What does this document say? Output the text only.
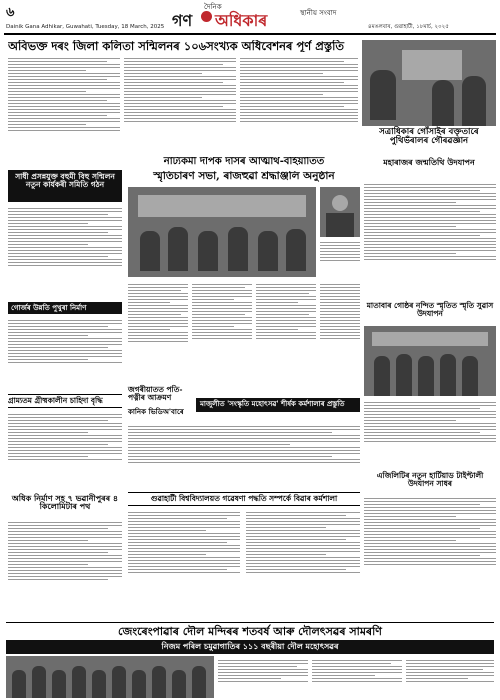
৬
Dainik Gana Adhikar, Guwahati, Tuesday, 18 March, 2025
দৈনিক
গণ অধিকাৰ	স্থানীয় সংবাদ
৪মঙলবাৰ, গুৱাহাটী, ১৮মাৰ্চ, ২০২৫
অবিভক্ত দৰং জিলা কলিতা সন্মিলনৰ ১০৬সংখ্যক অধিবেশনৰ পূৰ্ণ প্ৰস্তুতি
সত্ৰাধিকাৰ গোঁসাইৰ বক্তৃতাৰে পুথিভঁৰালৰ গৌৰৱজ্ঞান
মহাৰাজৰ জন্মতিথি উদযাপন
সাধী প্ৰসন্নযুক্ত বহুমী বিহু সন্মিলন নতুন কাৰ্যকৰী সমিতি গঠন
নাট্যকৰ্মী দীপক দাসৰ আত্মাৰ্থ-বৰ্হিয়াতিত
স্মৃতিচাৰণ সভা, ৰাজহুৱা শ্ৰদ্ধাঞ্জলি অনুষ্ঠান
গোৰ্জৰ উন্নতি পুখুৰা নিৰ্মাণ	মাতাবাৰ গোষ্ঠৰ নন্দিত স্মৃতিত স্মৃতি সুৱাস উদযাপন
জগৰীয়াতত পতি-পত্নীৰ আক্ৰমণ
কানিক ভিডিঅ'বাৰে
মাজুলীত 'সংস্কৃতি মহোৎসৱ' শীৰ্ষক কৰ্মশালাৰ প্ৰস্তুতি
গ্ৰাম্যতম গ্ৰীষ্মকালীন চাহিদা বৃদ্ধি
এজিলিটিৰ নতুন হাৰ্টিয়াড টাইপ্টালী উদযাপন সাধৰ
গুৱাহাটী বিশ্ববিদ্যালয়ত গৱেষণা পদ্ধতি সম্পৰ্কে বিৱাৰ কৰ্মশালা
অধিক নিৰ্মাণ সহ ৭ ভৱানীপুৰৰ ৪ কিলোমিটাৰ পথ
জেংৰেংপাৱাৰ দৌল মন্দিৰৰ শতবৰ্ষ আৰু দৌলৎসৱৰ সামৰণি
নিজম পৰিল চমুৱাগাতিৰ ১১১ বছৰীয়া দৌল মহোৎসৱৰ
